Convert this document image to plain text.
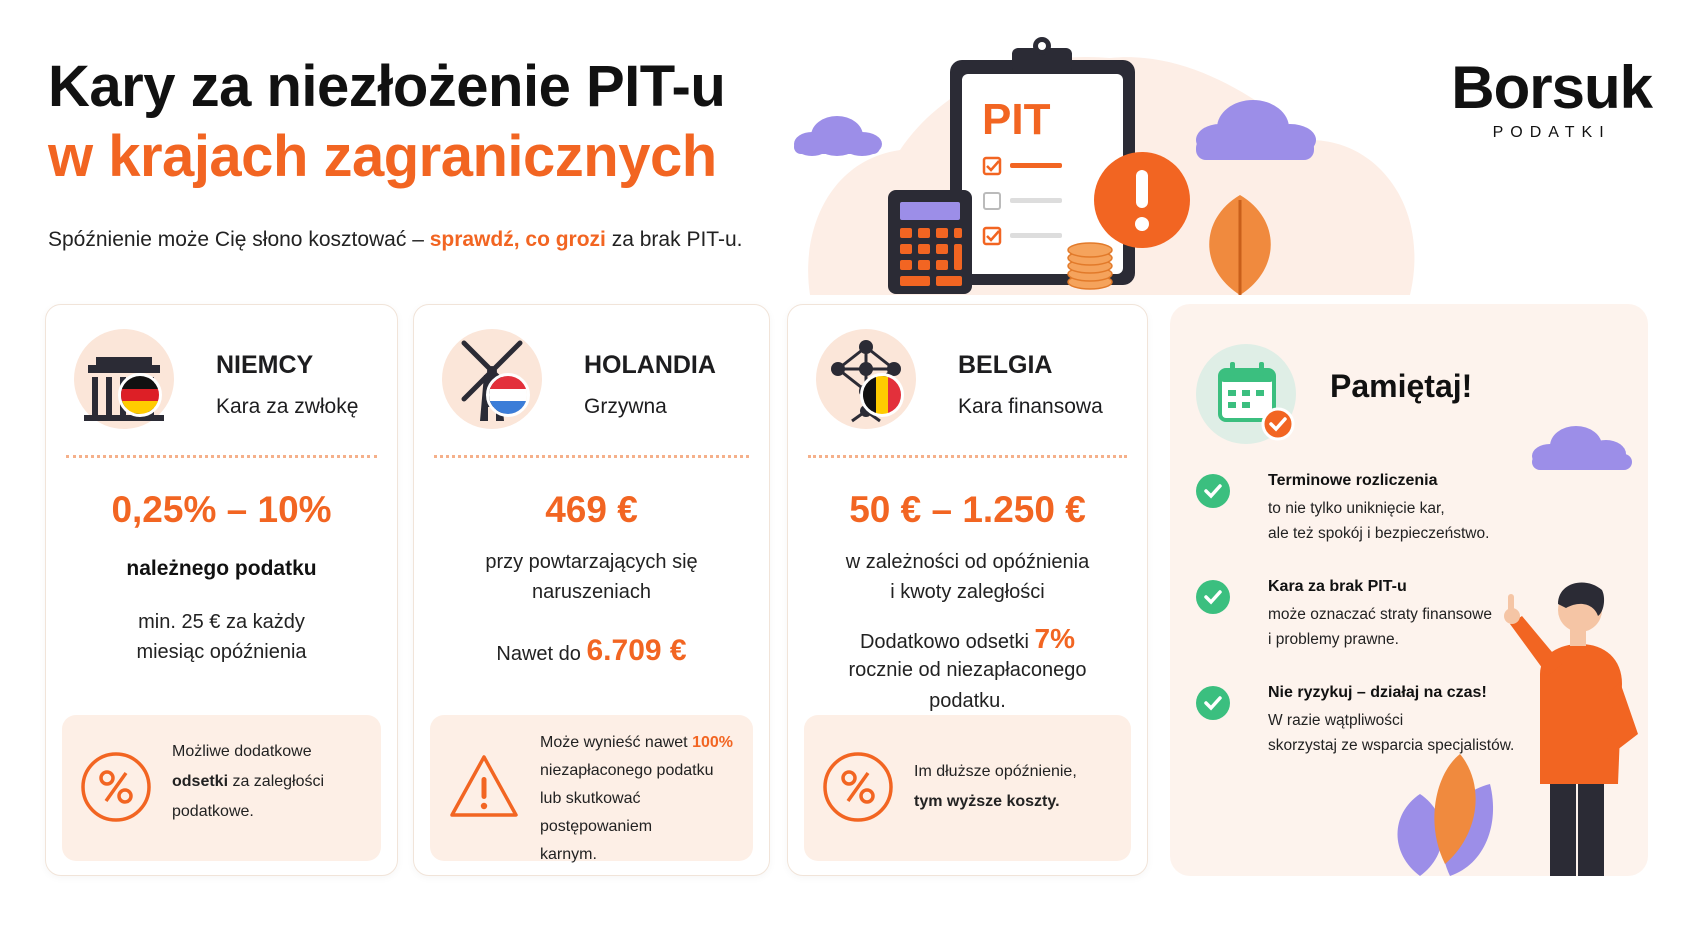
Kary za niezłożenie PIT-u
w krajach zagranicznych
Spóźnienie może Cię słono kosztować – sprawdź, co grozi za brak PIT-u.
Borsuk
PODATKI
PIT
NIEMCY
Kara za zwłokę
0,25% – 10%
należnego podatku
min. 25 € za każdy
miesiąc opóźnienia
Możliwe dodatkowe
odsetki za zaległości
podatkowe.
HOLANDIA
Grzywna
469 €
przy powtarzających się
naruszeniach
Nawet do 6.709 €
Może wynieść nawet 100%
niezapłaconego podatku
lub skutkować postępowaniem
karnym.
BELGIA
Kara finansowa
50 € – 1.250 €
w zależności od opóźnienia
i kwoty zaległości
Dodatkowo odsetki 7%
rocznie od niezapłaconego podatku.
Im dłuższe opóźnienie,
tym wyższe koszty.
Pamiętaj!
Terminowe rozliczenia
to nie tylko uniknięcie kar,
ale też spokój i bezpieczeństwo.
Kara za brak PIT-u
może oznaczać straty finansowe
i problemy prawne.
Nie ryzykuj – działaj na czas!
W razie wątpliwości
skorzystaj ze wsparcia specjalistów.
